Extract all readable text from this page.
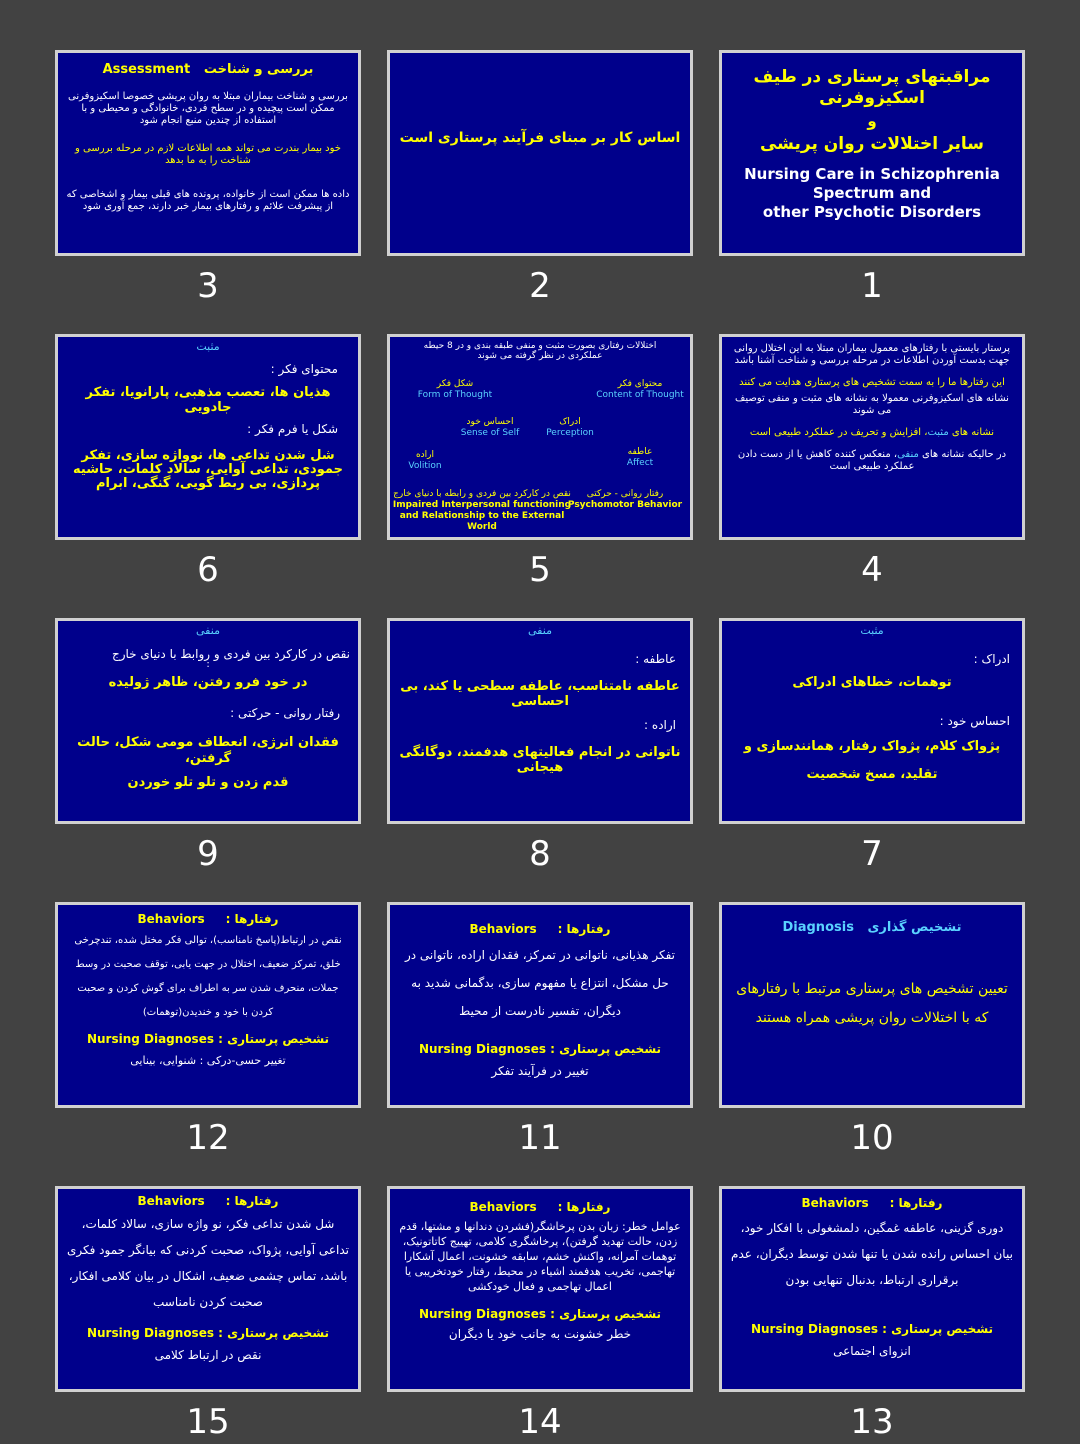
مراقبتهای پرستاری در طیف اسکیزوفرنی

و

سایر اختلالات روان پریشی

Nursing Care in Schizophrenia

Spectrum and

other Psychotic Disorders

1

اساس کار بر مبنای فرآیند پرستاری است

2

بررسی و شناخت   Assessment

بررسی و شناخت بیماران مبتلا به روان پریشی خصوصا اسکیزوفرنی ممکن است پیچیده و در سطح فردی، خانوادگی و محیطی و با استفاده از چندین منبع انجام شود

خود بیمار بندرت می تواند همه اطلاعات لازم در مرحله بررسی و شناخت را به ما بدهد

داده ها ممکن است از خانواده، پرونده های قبلی بیمار و اشخاصی که از پیشرفت علائم و رفتارهای بیمار خبر دارند، جمع آوری شود

3

پرستار بایستی با رفتارهای معمول بیماران مبتلا به این اختلال روانی جهت بدست آوردن اطلاعات در مرحله بررسی و شناخت آشنا باشد

این رفتارها ما را به سمت تشخیص های پرستاری هدایت می کنند

نشانه های اسکیزوفرنی معمولا به نشانه های مثبت و منفی توصیف می شوند

نشانه های مثبت، افزایش و تحریف در عملکرد طبیعی است

در حالیکه نشانه های منفی، منعکس کننده کاهش یا از دست دادن عملکرد طبیعی است

4

اختلالات رفتاری بصورت مثبت و منفی طبقه بندی و در 8 حیطه عملکردی در نظر گرفته می شوند

محتوای فکر
Content of Thought
شکل فکر
Form of Thought
ادراک
Perception
احساس خود
Sense of Self
عاطفه
Affect
اراده
Volition
رفتار روانی - حرکتی
Psychomotor Behavior
نقص در کارکرد بین فردی و رابطه با دنیای خارج
Impaired Interpersonal functioning and Relationship to the External World
5

مثبت

محتوای فکر :

هذیان ها، تعصب مذهبی، پارانویا، تفکر جادویی

شکل یا فرم فکر :

شل شدن تداعی ها، نوواژه سازی، تفکر جمودی، تداعی آوایی، سالاد کلمات، حاشیه پردازی، بی ربط گویی، گنگی، ابرام

6

مثبت

ادراک :

توهمات، خطاهای ادراکی

احساس خود :

پژواک کلام، پژواک رفتار، همانندسازی و

تقلید، مسخ شخصیت

7

منفی

عاطفه :

عاطفه نامتناسب، عاطفه سطحی یا کند، بی احساسی

اراده :

ناتوانی در انجام فعالیتهای هدفمند، دوگانگی هیجانی

8

منفی

نقص در کارکرد بین فردی و روابط با دنیای خارج

:

در خود فرو رفتن، ظاهر ژولیده

رفتار روانی - حرکتی :

فقدان انرژی، انعطاف مومی شکل، حالت گرفتن،

قدم زدن و تلو تلو خوردن

9

تشخیص گذاری   Diagnosis

تعیین تشخیص های پرستاری مرتبط با رفتارهای که با اختلالات روان پریشی همراه هستند

10

رفتارها :     Behaviors

تفکر هذیانی، ناتوانی در تمرکز، فقدان اراده، ناتوانی در حل مشکل، انتزاع یا مفهوم سازی، بدگمانی شدید به دیگران، تفسیر نادرست از محیط

تشخیص پرستاری : Nursing Diagnoses

تغییر در فرآیند تفکر

11

رفتارها :     Behaviors

نقص در ارتباط(پاسخ نامناسب)، توالی فکر مختل شده، تندچرخی خلق، تمرکز ضعیف، اختلال در جهت یابی، توقف صحبت در وسط جملات، منحرف شدن سر به اطراف برای گوش کردن و صحبت کردن با خود و خندیدن(توهمات)

تشخیص پرستاری : Nursing Diagnoses

تغییر حسی-درکی : شنوایی، بینایی

12

رفتارها :     Behaviors

دوری گزینی، عاطفه غمگین، دلمشغولی با افکار خود، بیان احساس رانده شدن یا تنها شدن توسط دیگران، عدم برقراری ارتباط، بدنبال تنهایی بودن

تشخیص پرستاری : Nursing Diagnoses

انزوای اجتماعی

13

رفتارها :     Behaviors

عوامل خطر: زبان بدن پرخاشگر(فشردن دندانها و مشتها، قدم زدن، حالت تهدید گرفتن)، پرخاشگری کلامی، تهییج کاتاتونیک، توهمات آمرانه، واکنش خشم، سابقه خشونت، اعمال آشکارا تهاجمی، تخریب هدفمند اشیاء در محیط، رفتار خودتخریبی یا اعمال تهاجمی و فعال خودکشی

تشخیص پرستاری : Nursing Diagnoses

خطر خشونت به جانب خود یا دیگران

14

رفتارها :     Behaviors

شل شدن تداعی فکر، نو واژه سازی، سالاد کلمات، تداعی آوایی، پژواک، صحبت کردنی که بیانگر جمود فکری باشد، تماس چشمی ضعیف، اشکال در بیان کلامی افکار، صحبت کردن نامناسب

تشخیص پرستاری : Nursing Diagnoses

نقص در ارتباط کلامی

15
